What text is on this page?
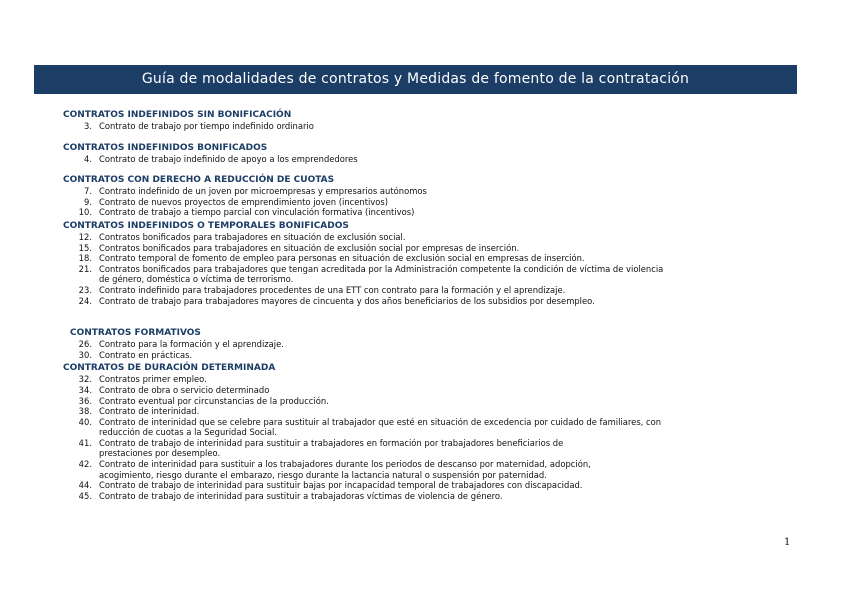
Guía de modalidades de contratos y Medidas de fomento de la contratación
CONTRATOS INDEFINIDOS SIN BONIFICACIÓN
3. Contrato de trabajo por tiempo indefinido ordinario
CONTRATOS INDEFINIDOS BONIFICADOS
4. Contrato de trabajo indefinido de apoyo a los emprendedores
CONTRATOS CON DERECHO A REDUCCIÓN DE CUOTAS
7. Contrato indefinido de un joven por microempresas y empresarios autónomos
9. Contrato de nuevos proyectos de emprendimiento joven (incentivos)
10. Contrato de trabajo a tiempo parcial con vinculación formativa (incentivos)
CONTRATOS INDEFINIDOS O TEMPORALES BONIFICADOS
12. Contratos bonificados para trabajadores en situación de exclusión social.
15. Contratos bonificados para trabajadores en situación de exclusión social por empresas de inserción.
18. Contrato temporal de fomento de empleo para personas en situación de exclusión social en empresas de inserción.
21. Contratos bonificados para trabajadores que tengan acreditada por la Administración competente la condición de víctima de violencia de género, doméstica o víctima de terrorismo.
23. Contrato indefinido para trabajadores procedentes de una ETT con contrato para la formación y el aprendizaje.
24. Contrato de trabajo para trabajadores mayores de cincuenta y dos años beneficiarios de los subsidios por desempleo.
CONTRATOS FORMATIVOS
26. Contrato para la formación y el aprendizaje.
30. Contrato en prácticas.
CONTRATOS DE DURACIÓN DETERMINADA
32. Contratos primer empleo.
34. Contrato de obra o servicio determinado
36. Contrato eventual por circunstancias de la producción.
38. Contrato de interinidad.
40. Contrato de interinidad que se celebre para sustituir al trabajador que esté en situación de excedencia por cuidado de familiares, con reducción de cuotas a la Seguridad Social.
41. Contrato de trabajo de interinidad para sustituir a trabajadores en formación por trabajadores beneficiarios de prestaciones por desempleo.
42. Contrato de interinidad para sustituir a los trabajadores durante los periodos de descanso por maternidad, adopción, acogimiento, riesgo durante el embarazo, riesgo durante la lactancia natural o suspensión por paternidad.
44. Contrato de trabajo de interinidad para sustituir bajas por incapacidad temporal de trabajadores con discapacidad.
45. Contrato de trabajo de interinidad para sustituir a trabajadoras víctimas de violencia de género.
1
